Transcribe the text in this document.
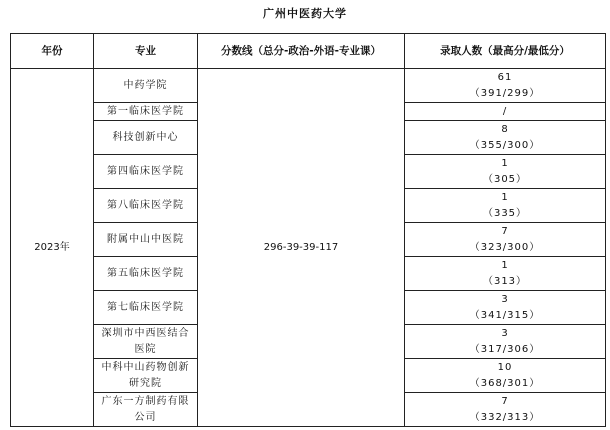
广州中医药大学
年份	专业	分数线（总分-政治-外语-专业课）	录取人数（最高分/最低分）
2023年	中药学院	296-39-39-117	61
（391/299）

	第一临床医学院		/

	科技创新中心		8
（355/300）

	第四临床医学院		1
（305）

	第八临床医学院		1
（335）

	附属中山中医院		7
（323/300）

	第五临床医学院		1
（313）

	第七临床医学院		3
（341/315）

	深圳市中西医结合医院		3
（317/306）

	中科中山药物创新研究院		10
（368/301）

	广东一方制药有限公司		7
（332/313）
